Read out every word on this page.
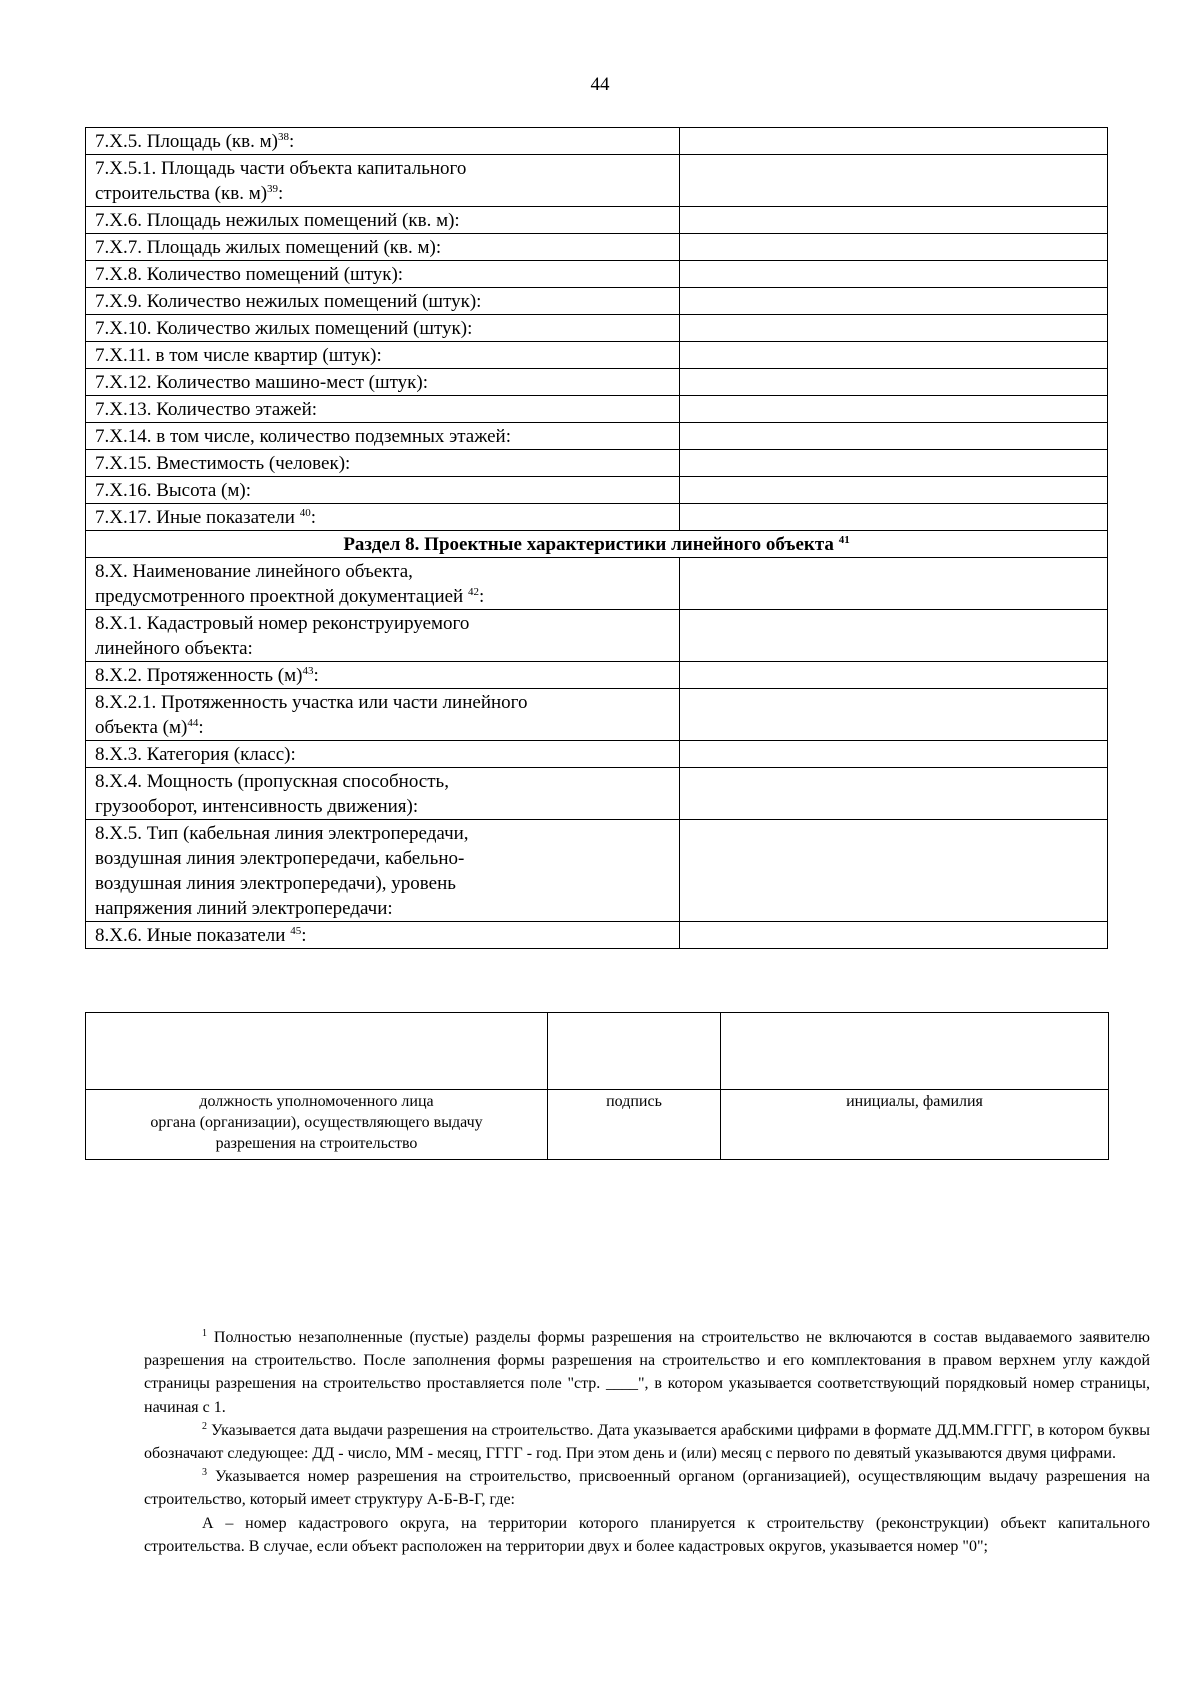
44
7.X.5. Площадь (кв. м)$^{38}$:	
7.X.5.1. Площадь части объекта капитального
строительства (кв. м)$^{39}$:	
7.X.6. Площадь нежилых помещений (кв. м):	
7.X.7. Площадь жилых помещений (кв. м):	
7.X.8. Количество помещений (штук):	
7.X.9. Количество нежилых помещений (штук):	
7.X.10. Количество жилых помещений (штук):	
7.X.11. в том числе квартир (штук):	
7.X.12. Количество машино-мест (штук):	
7.X.13. Количество этажей:	
7.X.14. в том числе, количество подземных этажей:	
7.X.15. Вместимость (человек):	
7.X.16. Высота (м):	
7.X.17. Иные показатели $^{40}$:	
Раздел 8. Проектные характеристики линейного объекта $^{41}$
8.X. Наименование линейного объекта,
предусмотренного проектной документацией $^{42}$:	
8.X.1. Кадастровый номер реконструируемого
линейного объекта:	
8.X.2. Протяженность $(м)^{43}$:	
8.X.2.1. Протяженность участка или части линейного
объекта $(м)^{44}$:	
8.X.3. Категория (класс):	
8.X.4. Мощность (пропускная способность,
грузооборот, интенсивность движения):	
8.X.5. Тип (кабельная линия электропередачи,
воздушная линия электропередачи, кабельно-
воздушная линия электропередачи), уровень
напряжения линий электропередачи:	
8.X.6. Иные показатели $^{45}$:	

должность уполномоченного лица
органа (организации), осуществляющего выдачу
разрешения на строительство	подпись	инициалы, фамилия

$^1$ Полностью незаполненные (пустые) разделы формы разрешения на строительство не включаются в состав выдаваемого заявителю разрешения на строительство. После заполнения формы разрешения на строительство и его комплектования в правом верхнем углу каждой страницы разрешения на строительство проставляется поле "стр. ____", в котором указывается соответствующий порядковый номер страницы, начиная с 1.

$^2$ Указывается дата выдачи разрешения на строительство. Дата указывается арабскими цифрами в формате ДД.ММ.ГГГГ, в котором буквы обозначают следующее: ДД - число, ММ - месяц, ГГГГ - год. При этом день и (или) месяц с первого по девятый указываются двумя цифрами.

$^3$ Указывается номер разрешения на строительство, присвоенный органом (организацией), осуществляющим выдачу разрешения на строительство, который имеет структуру А-Б-В-Г, где:

А – номер кадастрового округа, на территории которого планируется к строительству (реконструкции) объект капитального строительства. В случае, если объект расположен на территории двух и более кадастровых округов, указывается номер "0";
